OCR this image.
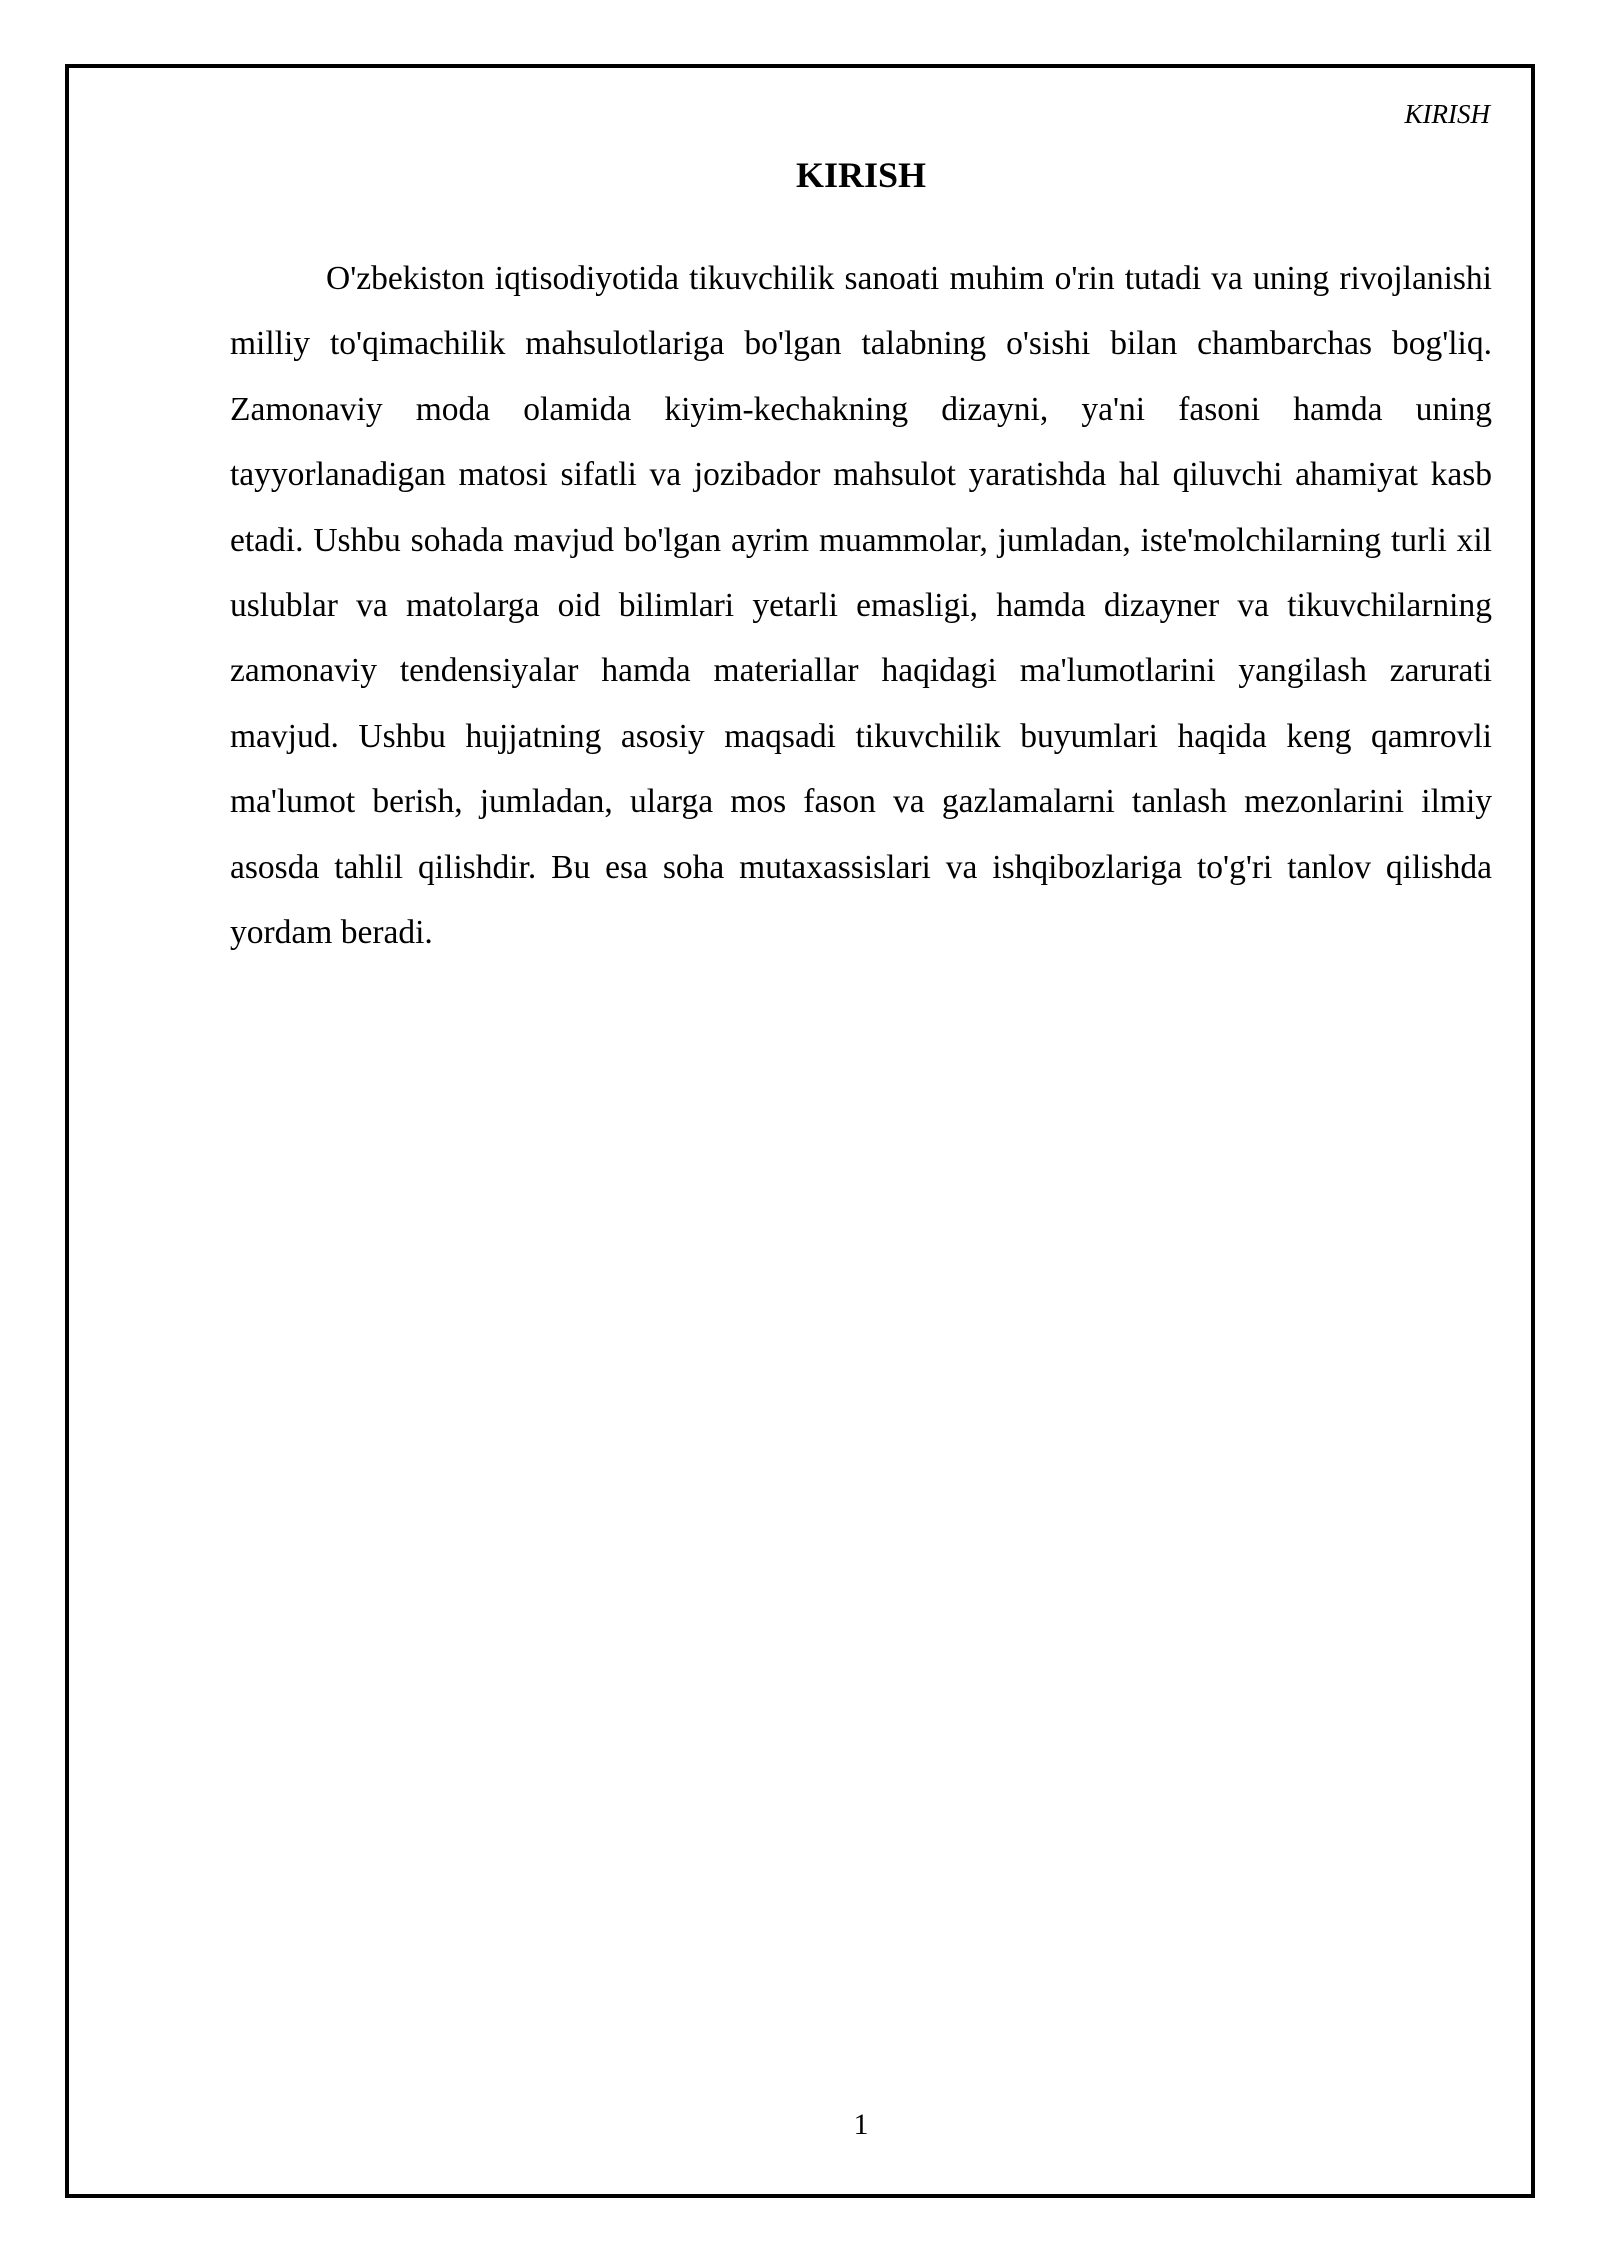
KIRISH
KIRISH

O'zbekiston iqtisodiyotida tikuvchilik sanoati muhim o'rin tutadi va uning rivojlanishi milliy to'qimachilik mahsulotlariga bo'lgan talabning o'sishi bilan chambarchas bog'liq. Zamonaviy moda olamida kiyim-kechakning dizayni, ya'ni fasoni hamda uning tayyorlanadigan matosi sifatli va jozibador mahsulot yaratishda hal qiluvchi ahamiyat kasb etadi. Ushbu sohada mavjud bo'lgan ayrim muammolar, jumladan, iste'molchilarning turli xil uslublar va matolarga oid bilimlari yetarli emasligi, hamda dizayner va tikuvchilarning zamonaviy tendensiyalar hamda materiallar haqidagi ma'lumotlarini yangilash zarurati mavjud. Ushbu hujjatning asosiy maqsadi tikuvchilik buyumlari haqida keng qamrovli ma'lumot berish, jumladan, ularga mos fason va gazlamalarni tanlash mezonlarini ilmiy asosda tahlil qilishdir. Bu esa soha mutaxassislari va ishqibozlariga to'g'ri tanlov qilishda yordam beradi.

1
